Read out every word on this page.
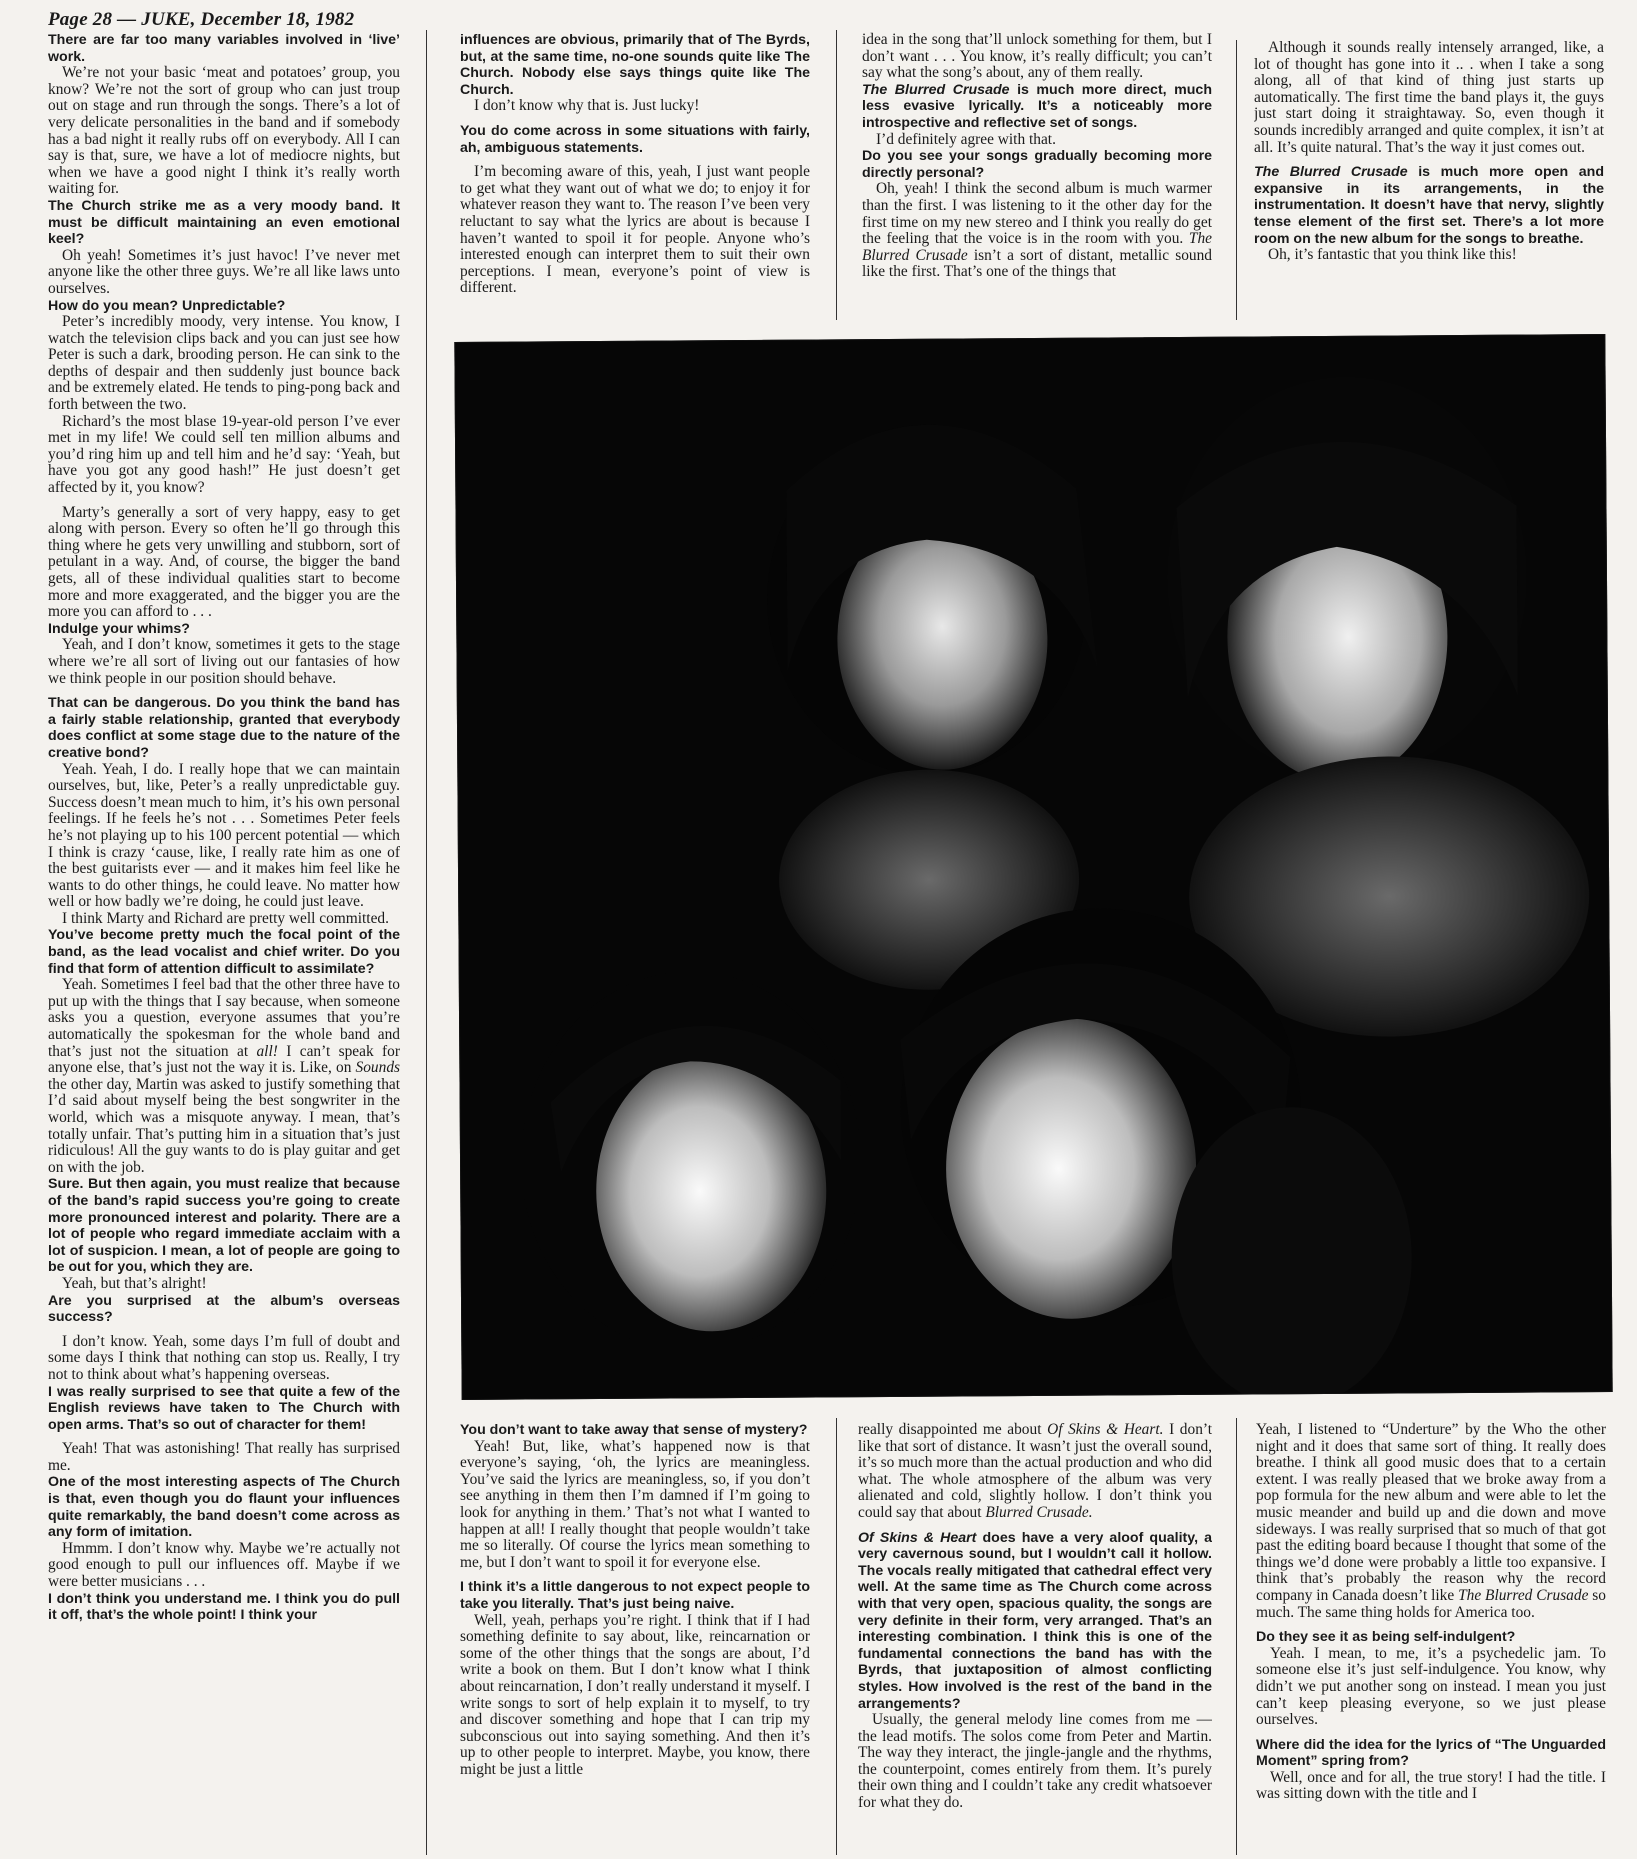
Page 28 — JUKE, December 18, 1982

There are far too many variables involved in ‘live’ work.

We’re not your basic ‘meat and potatoes’ group, you know? We’re not the sort of group who can just troup out on stage and run through the songs. There’s a lot of very delicate personalities in the band and if somebody has a bad night it really rubs off on everybody. All I can say is that, sure, we have a lot of mediocre nights, but when we have a good night I think it’s really worth waiting for.

The Church strike me as a very moody band. It must be difficult maintaining an even emotional keel?

Oh yeah! Sometimes it’s just havoc! I’ve never met anyone like the other three guys. We’re all like laws unto ourselves.

How do you mean? Unpredictable?

Peter’s incredibly moody, very intense. You know, I watch the television clips back and you can just see how Peter is such a dark, brooding person. He can sink to the depths of despair and then suddenly just bounce back and be extremely elated. He tends to ping-pong back and forth between the two.

Richard’s the most blase 19-year-old person I’ve ever met in my life! We could sell ten million albums and you’d ring him up and tell him and he’d say: ‘Yeah, but have you got any good hash!” He just doesn’t get affected by it, you know?

Marty’s generally a sort of very happy, easy to get along with person. Every so often he’ll go through this thing where he gets very unwilling and stubborn, sort of petulant in a way. And, of course, the bigger the band gets, all of these individual qualities start to become more and more exaggerated, and the bigger you are the more you can afford to . . .

Indulge your whims?

Yeah, and I don’t know, sometimes it gets to the stage where we’re all sort of living out our fantasies of how we think people in our position should behave.

That can be dangerous. Do you think the band has a fairly stable relationship, granted that everybody does conflict at some stage due to the nature of the creative bond?

Yeah. Yeah, I do. I really hope that we can maintain ourselves, but, like, Peter’s a really unpredictable guy. Success doesn’t mean much to him, it’s his own personal feelings. If he feels he’s not . . . Sometimes Peter feels he’s not playing up to his 100 percent potential — which I think is crazy ‘cause, like, I really rate him as one of the best guitarists ever — and it makes him feel like he wants to do other things, he could leave. No matter how well or how badly we’re doing, he could just leave.

I think Marty and Richard are pretty well committed.

You’ve become pretty much the focal point of the band, as the lead vocalist and chief writer. Do you find that form of attention difficult to assimilate?

Yeah. Sometimes I feel bad that the other three have to put up with the things that I say because, when someone asks you a question, everyone assumes that you’re automatically the spokesman for the whole band and that’s just not the situation at all! I can’t speak for anyone else, that’s just not the way it is. Like, on Sounds the other day, Martin was asked to justify something that I’d said about myself being the best songwriter in the world, which was a misquote anyway. I mean, that’s totally unfair. That’s putting him in a situation that’s just ridiculous! All the guy wants to do is play guitar and get on with the job.

Sure. But then again, you must realize that because of the band’s rapid success you’re going to create more pronounced interest and polarity. There are a lot of people who regard immediate acclaim with a lot of suspicion. I mean, a lot of people are going to be out for you, which they are.

Yeah, but that’s alright!

Are you surprised at the album’s overseas success?

I don’t know. Yeah, some days I’m full of doubt and some days I think that nothing can stop us. Really, I try not to think about what’s happening overseas.

I was really surprised to see that quite a few of the English reviews have taken to The Church with open arms. That’s so out of character for them!

Yeah! That was astonishing! That really has surprised me.

One of the most interesting aspects of The Church is that, even though you do flaunt your influences quite remarkably, the band doesn’t come across as any form of imitation.

Hmmm. I don’t know why. Maybe we’re actually not good enough to pull our influences off. Maybe if we were better musicians . . .

I don’t think you understand me. I think you do pull it off, that’s the whole point! I think your

influences are obvious, primarily that of The Byrds, but, at the same time, no-one sounds quite like The Church. Nobody else says things quite like The Church.

I don’t know why that is. Just lucky!

You do come across in some situations with fairly, ah, ambiguous statements.

I’m becoming aware of this, yeah, I just want people to get what they want out of what we do; to enjoy it for whatever reason they want to. The reason I’ve been very reluctant to say what the lyrics are about is because I haven’t wanted to spoil it for people. Anyone who’s interested enough can interpret them to suit their own perceptions. I mean, everyone’s point of view is different.

idea in the song that’ll unlock something for them, but I don’t want . . . You know, it’s really difficult; you can’t say what the song’s about, any of them really.

The Blurred Crusade is much more direct, much less evasive lyrically. It’s a noticeably more introspective and reflective set of songs.

I’d definitely agree with that.

Do you see your songs gradually becoming more directly personal?

Oh, yeah! I think the second album is much warmer than the first. I was listening to it the other day for the first time on my new stereo and I think you really do get the feeling that the voice is in the room with you. The Blurred Crusade isn’t a sort of distant, metallic sound like the first. That’s one of the things that

Although it sounds really intensely arranged, like, a lot of thought has gone into it .. . when I take a song along, all of that kind of thing just starts up automatically. The first time the band plays it, the guys just start doing it straightaway. So, even though it sounds incredibly arranged and quite complex, it isn’t at all. It’s quite natural. That’s the way it just comes out.

The Blurred Crusade is much more open and expansive in its arrangements, in the instrumentation. It doesn’t have that nervy, slightly tense element of the first set. There’s a lot more room on the new album for the songs to breathe.

Oh, it’s fantastic that you think like this!

You don’t want to take away that sense of mystery?

Yeah! But, like, what’s happened now is that everyone’s saying, ‘oh, the lyrics are meaningless. You’ve said the lyrics are meaningless, so, if you don’t see anything in them then I’m damned if I’m going to look for anything in them.’ That’s not what I wanted to happen at all! I really thought that people wouldn’t take me so literally. Of course the lyrics mean something to me, but I don’t want to spoil it for everyone else.

I think it’s a little dangerous to not expect people to take you literally. That’s just being naive.

Well, yeah, perhaps you’re right. I think that if I had something definite to say about, like, reincarnation or some of the other things that the songs are about, I’d write a book on them. But I don’t know what I think about reincarnation, I don’t really understand it myself. I write songs to sort of help explain it to myself, to try and discover something and hope that I can trip my subconscious out into saying something. And then it’s up to other people to interpret. Maybe, you know, there might be just a little

really disappointed me about Of Skins & Heart. I don’t like that sort of distance. It wasn’t just the overall sound, it’s so much more than the actual production and who did what. The whole atmosphere of the album was very alienated and cold, slightly hollow. I don’t think you could say that about Blurred Crusade.

Of Skins & Heart does have a very aloof quality, a very cavernous sound, but I wouldn’t call it hollow. The vocals really mitigated that cathedral effect very well. At the same time as The Church come across with that very open, spacious quality, the songs are very definite in their form, very arranged. That’s an interesting combination. I think this is one of the fundamental connections the band has with the Byrds, that juxtaposition of almost conflicting styles. How involved is the rest of the band in the arrangements?

Usually, the general melody line comes from me — the lead motifs. The solos come from Peter and Martin. The way they interact, the jingle-jangle and the rhythms, the counterpoint, comes entirely from them. It’s purely their own thing and I couldn’t take any credit whatsoever for what they do.

Yeah, I listened to “Underture” by the Who the other night and it does that same sort of thing. It really does breathe. I think all good music does that to a certain extent. I was really pleased that we broke away from a pop formula for the new album and were able to let the music meander and build up and die down and move sideways. I was really surprised that so much of that got past the editing board because I thought that some of the things we’d done were probably a little too expansive. I think that’s probably the reason why the record company in Canada doesn’t like The Blurred Crusade so much. The same thing holds for America too.

Do they see it as being self-indulgent?

Yeah. I mean, to me, it’s a psychedelic jam. To someone else it’s just self-indulgence. You know, why didn’t we put another song on instead. I mean you just can’t keep pleasing everyone, so we just please ourselves.

Where did the idea for the lyrics of “The Unguarded Moment” spring from?

Well, once and for all, the true story! I had the title. I was sitting down with the title and I
